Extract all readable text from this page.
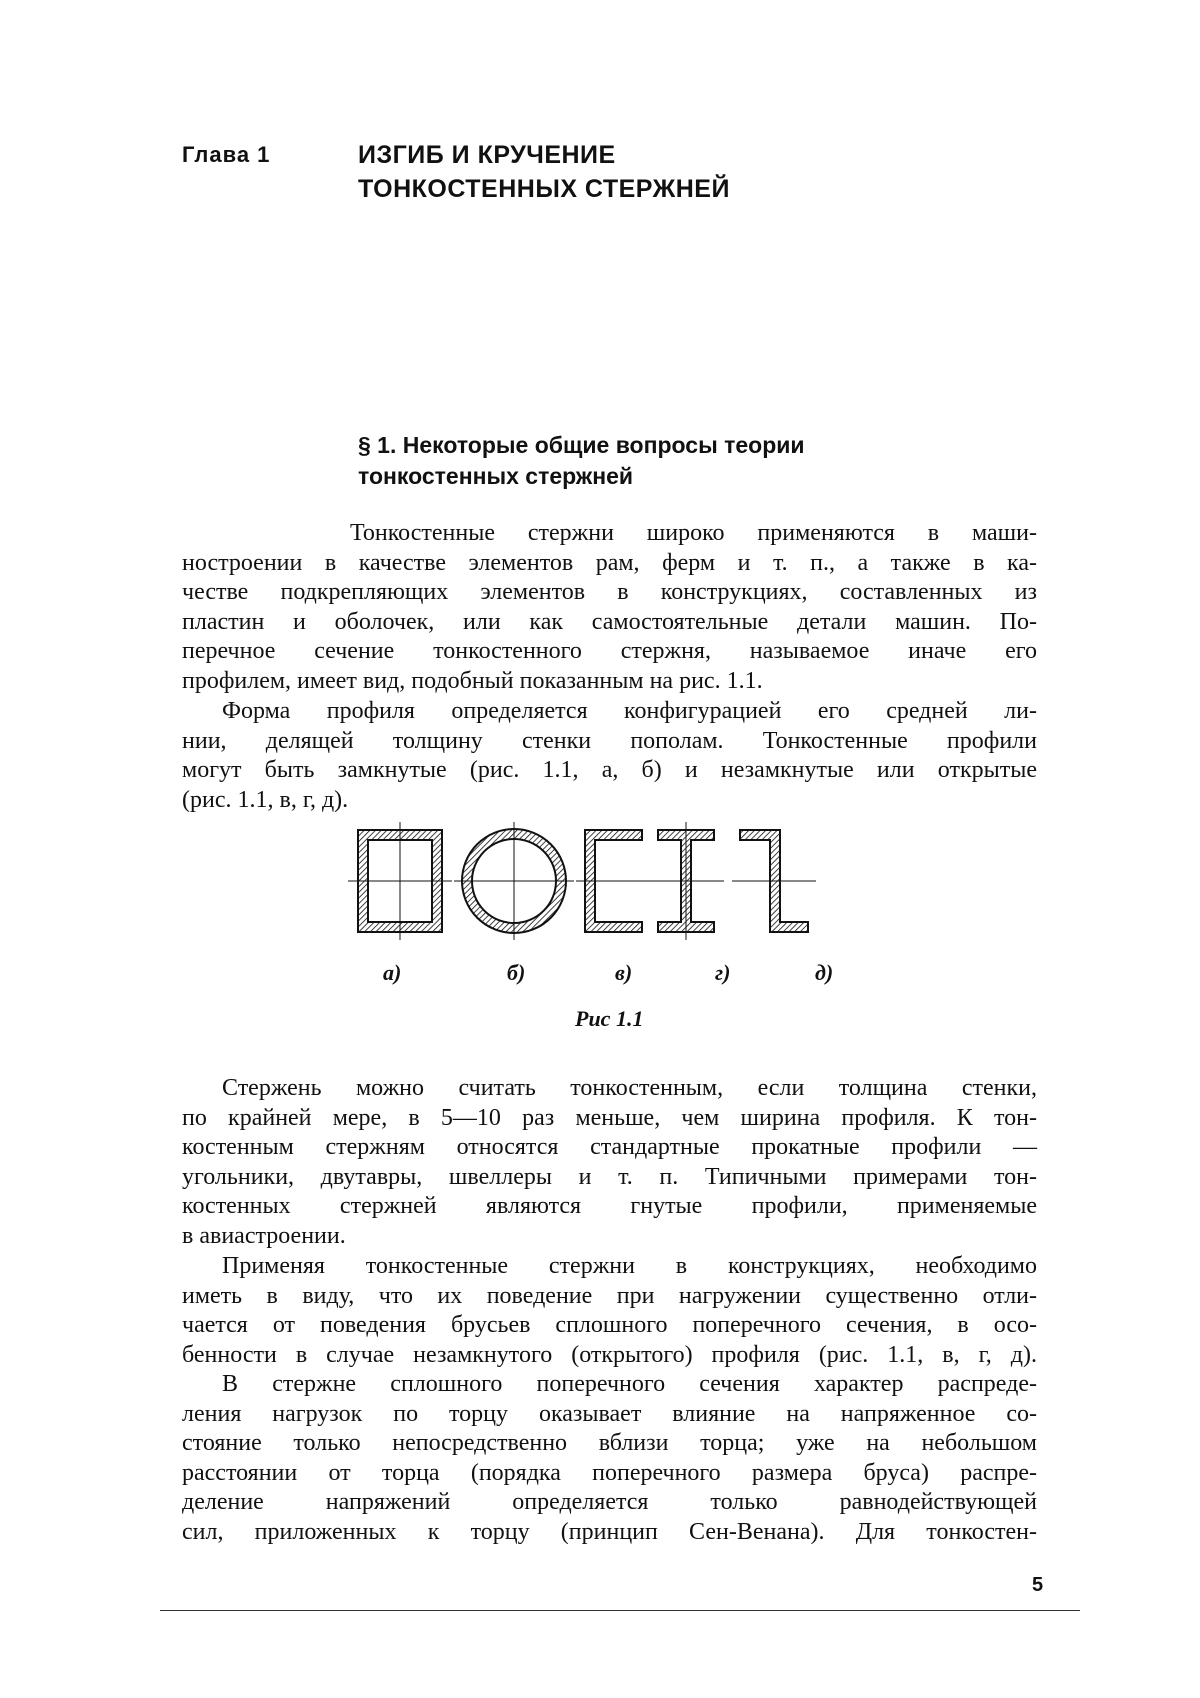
Глава 1	ИЗГИБ И КРУЧЕНИЕ
ТОНКОСТЕННЫХ СТЕРЖНЕЙ
§ 1. Некоторые общие вопросы теории
тонкостенных стержней
Тонкостенные стержни широко применяются в маши-
ностроении в качестве элементов рам, ферм и т. п., а также в ка-
честве подкрепляющих элементов в конструкциях, составленных из
пластин и оболочек, или как самостоятельные детали машин. По-
перечное сечение тонкостенного стержня, называемое иначе его
профилем, имеет вид, подобный показанным на рис. 1.1.
Форма профиля определяется конфигурацией его средней ли-
нии, делящей толщину стенки пополам. Тонкостенные профили
могут быть замкнутые (рис. 1.1, а, б) и незамкнутые или открытые
(рис. 1.1, в, г, д).
а)	б)	в)	г)	д)
Рис 1.1
Стержень можно считать тонкостенным, если толщина стенки,
по крайней мере, в 5—10 раз меньше, чем ширина профиля. К тон-
костенным стержням относятся стандартные прокатные профили —
угольники, двутавры, швеллеры и т. п. Типичными примерами тон-
костенных стержней являются гнутые профили, применяемые
в авиастроении.
Применяя тонкостенные стержни в конструкциях, необходимо
иметь в виду, что их поведение при нагружении существенно отли-
чается от поведения брусьев сплошного поперечного сечения, в осо-
бенности в случае незамкнутого (открытого) профиля (рис. 1.1, в, г, д).
В стержне сплошного поперечного сечения характер распреде-
ления нагрузок по торцу оказывает влияние на напряженное со-
стояние только непосредственно вблизи торца; уже на небольшом
расстоянии от торца (порядка поперечного размера бруса) распре-
деление напряжений определяется только равнодействующей
сил, приложенных к торцу (принцип Сен-Венана). Для тонкостен-
5
